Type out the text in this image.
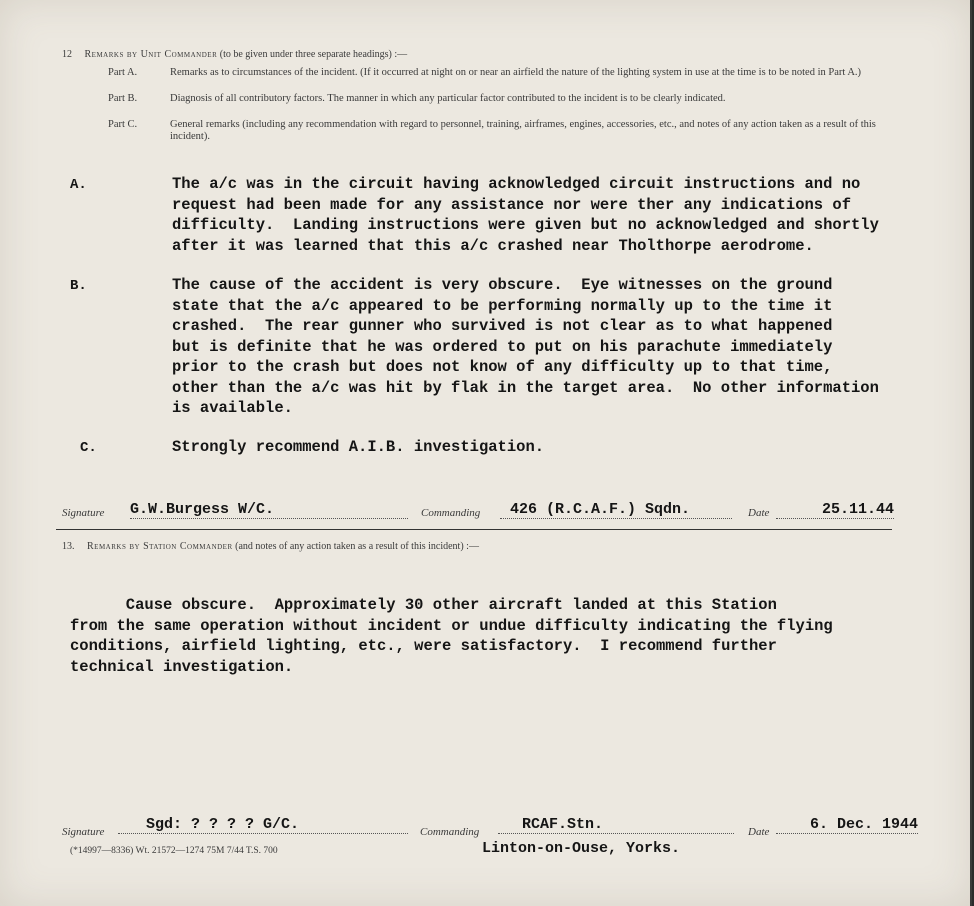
12 Remarks by Unit Commander (to be given under three separate headings) :—
Part A.	Remarks as to circumstances of the incident. (If it occurred at night on or near an airfield the nature of the lighting system in use at the time is to be noted in Part A.)
Part B.	Diagnosis of all contributory factors. The manner in which any particular factor contributed to the incident is to be clearly indicated.
Part C.	General remarks (including any recommendation with regard to personnel, training, airframes, engines, accessories, etc., and notes of any action taken as a result of this incident).
A.	The a/c was in the circuit having acknowledged circuit instructions and no
request had been made for any assistance nor were ther any indications of
difficulty.  Landing instructions were given but no acknowledged and shortly
after it was learned that this a/c crashed near Tholthorpe aerodrome.
B.	The cause of the accident is very obscure.  Eye witnesses on the ground
state that the a/c appeared to be performing normally up to the time it
crashed.  The rear gunner who survived is not clear as to what happened
but is definite that he was ordered to put on his parachute immediately
prior to the crash but does not know of any difficulty up to that time,
other than the a/c was hit by flak in the target area.  No other information
is available.
C.	Strongly recommend A.I.B. investigation.
Signature G.W.Burgess W/C.	Commanding	426 (R.C.A.F.) Sqdn.	Date	25.11.44
13. Remarks by Station Commander (and notes of any action taken as a result of this incident) :—
Cause obscure.  Approximately 30 other aircraft landed at this Station
from the same operation without incident or undue difficulty indicating the flying
conditions, airfield lighting, etc., were satisfactory.  I recommend further
technical investigation.
Signature	Sgd: ? ? ? ? G/C.	Commanding	RCAF.Stn.	Date	6. Dec. 1944
Linton-on-Ouse, Yorks.
(*14997—8336) Wt. 21572—1274 75M 7/44 T.S. 700
